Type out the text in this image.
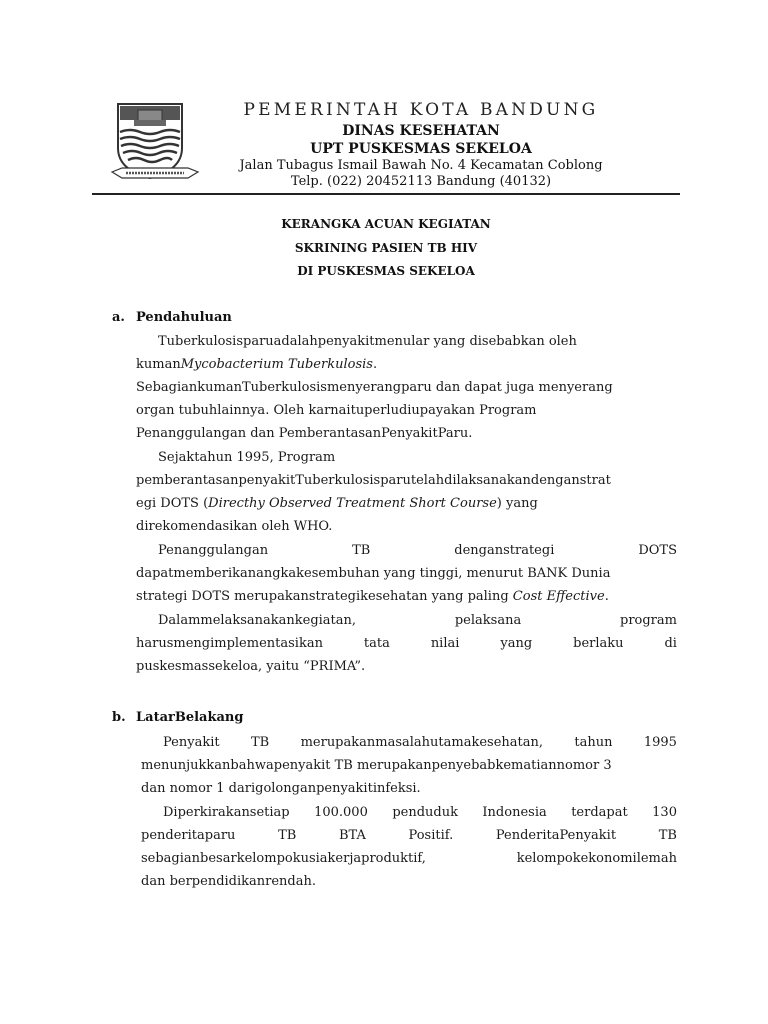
PEMERINTAH KOTA BANDUNG
DINAS KESEHATAN
UPT PUSKESMAS SEKELOA
Jalan Tubagus Ismail Bawah No. 4 Kecamatan Coblong
Telp. (022) 20452113 Bandung (40132)
KERANGKA ACUAN KEGIATAN
SKRINING PASIEN TB HIV
DI PUSKESMAS SEKELOA
a. Pendahuluan
Tuberkulosisparuadalahpenyakitmenular yang disebabkan oleh
kumanMycobacterium Tuberkulosis.
SebagiankumanTuberkulosismenyerangparu dan dapat juga menyerang
organ tubuhlainnya. Oleh karnaituperludiupayakan Program
Penanggulangan dan PemberantasanPenyakitParu.
Sejaktahun 1995, Program
pemberantasanpenyakitTuberkulosisparutelahdilaksanakandenganstrat
egi DOTS (Directhy Observed Treatment Short Course) yang
direkomendasikan oleh WHO.
Penanggulangan	TB	denganstrategi	DOTS
dapatmemberikanangkakesembuhan yang tinggi, menurut BANK Dunia
strategi DOTS merupakanstrategikesehatan yang paling Cost Effective.
Dalammelaksanakankegiatan,	pelaksana	program
harusmengimplementasikan	tata	nilai	yang	berlaku	di
puskesmassekeloa, yaitu “PRIMA”.
b. LatarBelakang
Penyakit TB merupakanmasalahutamakesehatan, tahun 1995
menunjukkanbahwapenyakit TB merupakanpenyebabkematiannomor 3
dan nomor 1 darigolonganpenyakitinfeksi.
Diperkirakansetiap 100.000 penduduk Indonesia terdapat 130
penderitaparu	TB	BTA	Positif.	PenderitaPenyakit	TB
sebagianbesarkelompokusiakerjaproduktif,	kelompokekonomilemah
dan berpendidikanrendah.
